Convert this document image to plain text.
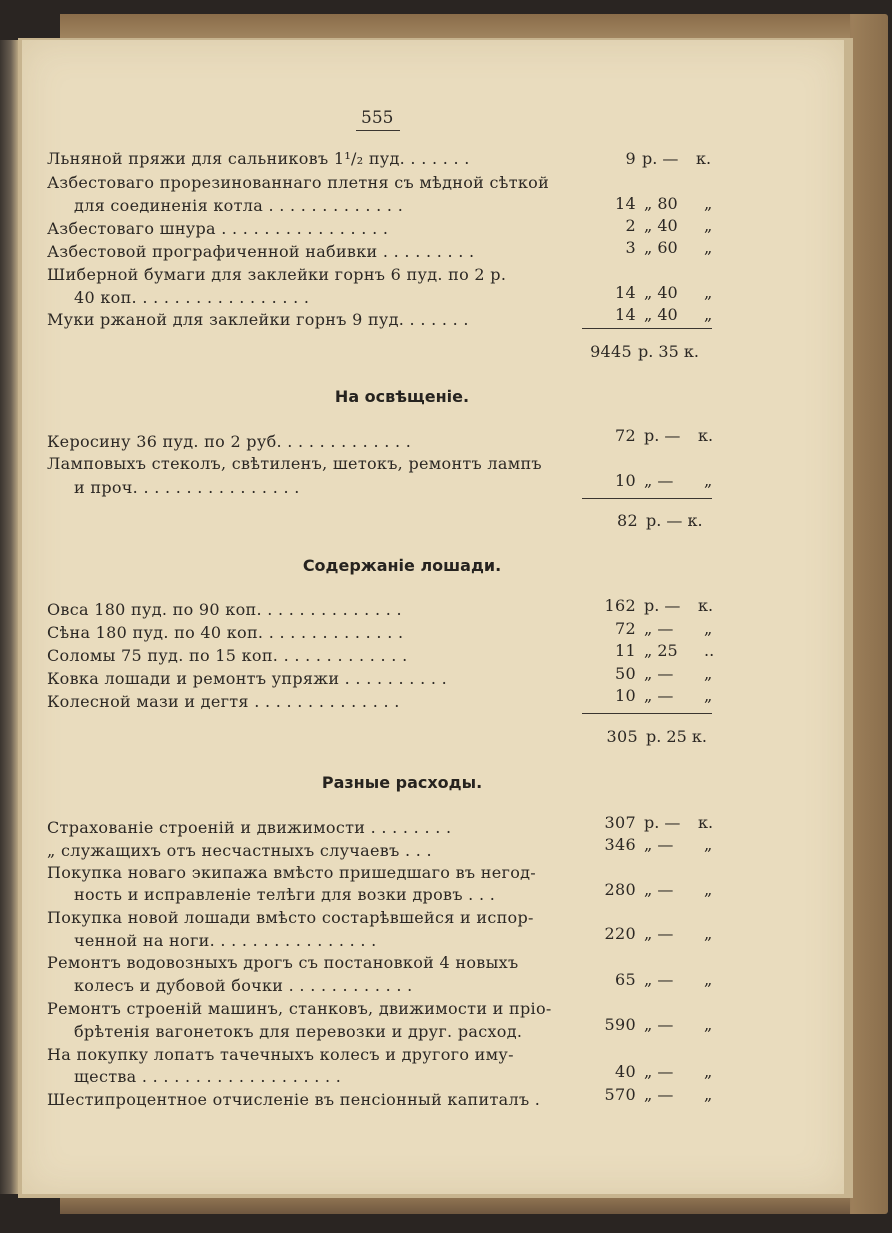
555
Льняной пряжи для сальниковъ 1¹/₂ пуд. . . . . . .	9 р. — к.
Азбестоваго прорезинованнаго плетня съ мѣдной сѣткой
для соединенія котла . . . . . . . . . . . . .	14 „ 80 „
Азбестоваго шнура . . . . . . . . . . . . . . . .	2 „ 40 „
Азбестовой прографиченной набивки . . . . . . . . .	3 „ 60 „
Шиберной бумаги для заклейки горнъ 6 пуд. по 2 р.
40 коп. . . . . . . . . . . . . . . . .	14 „ 40 „
Муки ржаной для заклейки горнъ 9 пуд. . . . . . .	14 „ 40 „
9445 р. 35 к.
На освѣщеніе.
Керосину 36 пуд. по 2 руб. . . . . . . . . . . . .	72 р. — к.
Ламповыхъ стеколъ, свѣтиленъ, шетокъ, ремонтъ лампъ
и проч. . . . . . . . . . . . . . . .	10 „ — „
82 р. — к.
Содержаніе лошади.
Овса 180 пуд. по 90 коп. . . . . . . . . . . . . .	162 р. — к.
Сѣна 180 пуд. по 40 коп. . . . . . . . . . . . . .	72 „ — „
Соломы 75 пуд. по 15 коп. . . . . . . . . . . . .	11 „ 25 ..
Ковка лошади и ремонтъ упряжи . . . . . . . . . .	50 „ — „
Колесной мази и дегтя . . . . . . . . . . . . . .	10 „ — „
305 р. 25 к.
Разные расходы.
Страхованіе строеній и движимости . . . . . . . .	307 р. — к.
„ служащихъ отъ несчастныхъ случаевъ . . .	346 „ — „
Покупка новаго экипажа вмѣсто пришедшаго въ негод-
ность и исправленіе телѣги для возки дровъ . . .	280 „ — „
Покупка новой лошади вмѣсто состарѣвшейся и испор-
ченной на ноги. . . . . . . . . . . . . . . .	220 „ — „
Ремонтъ водовозныхъ дрогъ съ постановкой 4 новыхъ
колесъ и дубовой бочки . . . . . . . . . . . .	65 „ — „
Ремонтъ строеній машинъ, станковъ, движимости и пріо-
брѣтенія вагонетокъ для перевозки и друг. расход.	590 „ — „
На покупку лопатъ тачечныхъ колесъ и другого иму-
щества . . . . . . . . . . . . . . . . . . .	40 „ — „
Шестипроцентное отчисленіе въ пенсіонный капиталъ .	570 „ — „
